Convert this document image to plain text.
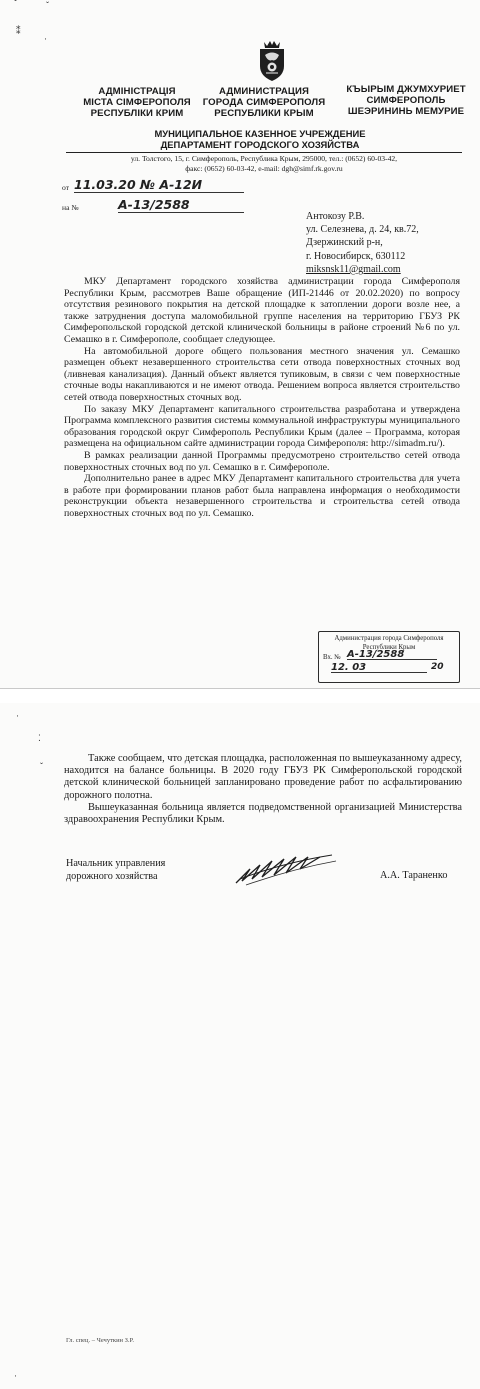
ˇ	ˇ
⁑
·
АДМІНІСТРАЦІЯ
МІСТА СІМФЕРОПОЛЯ
РЕСПУБЛІКИ КРИМ
АДМИНИСТРАЦИЯ
ГОРОДА СИМФЕРОПОЛЯ
РЕСПУБЛИКИ КРЫМ
КЪЫРЫМ ДЖУМХУРИЕТ
СИМФЕРОПОЛЬ
ШЕЭРИНИНЬ МЕМУРИЕ
МУНИЦИПАЛЬНОЕ КАЗЕННОЕ УЧРЕЖДЕНИЕ
ДЕПАРТАМЕНТ ГОРОДСКОГО ХОЗЯЙСТВА
ул. Толстого, 15, г. Симферополь, Республика Крым, 295000, тел.: (0652) 60-03-42,
факс: (0652) 60-03-42, e-mail: dgh@simf.rk.gov.ru
от 11.03.20 № А-12И
на №	А-13/2588
Антокозу Р.В.
ул. Селезнева, д. 24, кв.72,
Дзержинский р-н,
г. Новосибирск, 630112
miksnsk11@gmail.com

МКУ Департамент городского хозяйства администрации города Симферополя Республики Крым, рассмотрев Ваше обращение (ИП-21446 от 20.02.2020) по вопросу отсутствия резинового покрытия на детской площадке к затоплении дороги возле нее, а также затруднения доступа маломобильной группе населения на территорию ГБУЗ РК Симферопольской городской детской клинической больницы в районе строений №6 по ул. Семашко в г. Симферополе, сообщает следующее.

На автомобильной дороге общего пользования местного значения ул. Семашко размещен объект незавершенного строительства сети отвода поверхностных сточных вод (ливневая канализация). Данный объект является тупиковым, в связи с чем поверхностные сточные воды накапливаются и не имеют отвода. Решением вопроса является строительство сетей отвода поверхностных сточных вод.

По заказу МКУ Департамент капитального строительства разработана и утверждена Программа комплексного развития системы коммунальной инфраструктуры муниципального образования городской округ Симферополь Республики Крым (далее – Программа, которая размещена на официальном сайте администрации города Симферополя: http://simadm.ru/).

В рамках реализации данной Программы предусмотрено строительство сетей отвода поверхностных сточных вод по ул. Семашко в г. Симферополе.

Дополнительно ранее в адрес МКУ Департамент капитального строительства для учета в работе при формировании планов работ была направлена информация о необходимости реконструкции объекта незавершенного строительства и строительства сетей отвода поверхностных сточных вод по ул. Семашко.

Администрация города Симферополя
Республики Крым
Вх. № А-13/2588
12. 03	20
·
⁚
ˇ

Также сообщаем, что детская площадка, расположенная по вышеуказанному адресу, находится на балансе больницы. В 2020 году ГБУЗ РК Симферопольской городской детской клинической больницей запланировано проведение работ по асфальтированию дорожного полотна.

Вышеуказанная больница является подведомственной организацией Министерства здравоохранения Республики Крым.

Начальник управления
дорожного хозяйства	А.А. Тараненко
Гл. спец. – Чечуткин З.Р.
·
